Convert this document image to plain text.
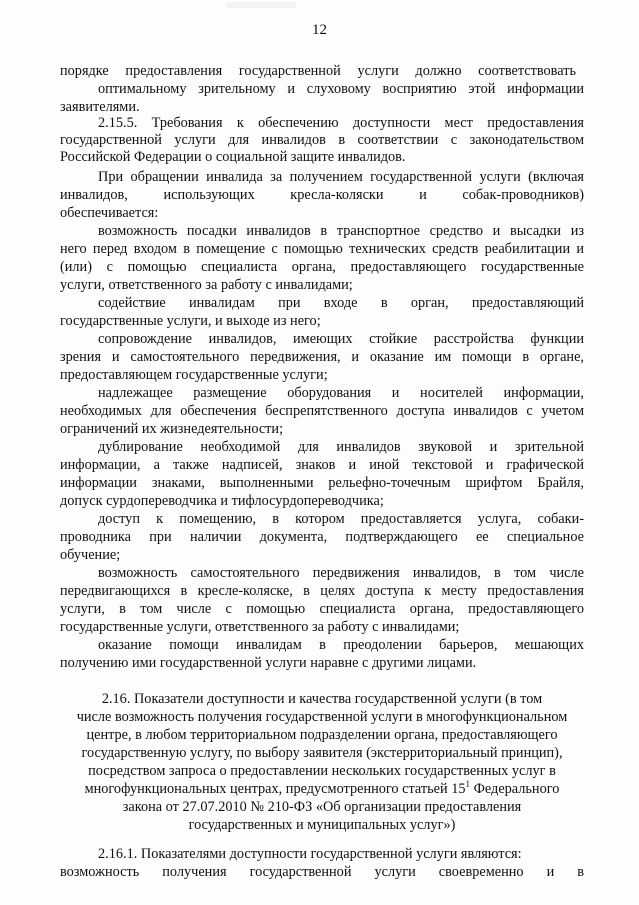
12
порядке предоставления государственной услуги должно соответствовать
оптимальному зрительному и слуховому восприятию этой информации
заявителями.
2.15.5. Требования к обеспечению доступности мест предоставления
государственной услуги для инвалидов в соответствии с законодательством
Российской Федерации о социальной защите инвалидов.
При обращении инвалида за получением государственной услуги (включая
инвалидов, использующих кресла-коляски и собак-проводников)
обеспечивается:
возможность посадки инвалидов в транспортное средство и высадки из
него перед входом в помещение с помощью технических средств реабилитации и
(или) с помощью специалиста органа, предоставляющего государственные
услуги, ответственного за работу с инвалидами;
содействие инвалидам при входе в орган, предоставляющий
государственные услуги, и выходе из него;
сопровождение инвалидов, имеющих стойкие расстройства функции
зрения и самостоятельного передвижения, и оказание им помощи в органе,
предоставляющем государственные услуги;
надлежащее размещение оборудования и носителей информации,
необходимых для обеспечения беспрепятственного доступа инвалидов с учетом
ограничений их жизнедеятельности;
дублирование необходимой для инвалидов звуковой и зрительной
информации, а также надписей, знаков и иной текстовой и графической
информации знаками, выполненными рельефно-точечным шрифтом Брайля,
допуск сурдопереводчика и тифлосурдопереводчика;
доступ к помещению, в котором предоставляется услуга, собаки-
проводника при наличии документа, подтверждающего ее специальное
обучение;
возможность самостоятельного передвижения инвалидов, в том числе
передвигающихся в кресле-коляске, в целях доступа к месту предоставления
услуги, в том числе с помощью специалиста органа, предоставляющего
государственные услуги, ответственного за работу с инвалидами;
оказание помощи инвалидам в преодолении барьеров, мешающих
получению ими государственной услуги наравне с другими лицами.
2.16. Показатели доступности и качества государственной услуги (в том
числе возможность получения государственной услуги в многофункциональном
центре, в любом территориальном подразделении органа, предоставляющего
государственную услугу, по выбору заявителя (экстерриториальный принцип),
посредством запроса о предоставлении нескольких государственных услуг в
многофункциональных центрах, предусмотренного статьей $15^1$ Федерального
закона от 27.07.2010 № 210-ФЗ «Об организации предоставления
государственных и муниципальных услуг»)
2.16.1. Показателями доступности государственной услуги являются:
возможность получения государственной услуги своевременно и в
